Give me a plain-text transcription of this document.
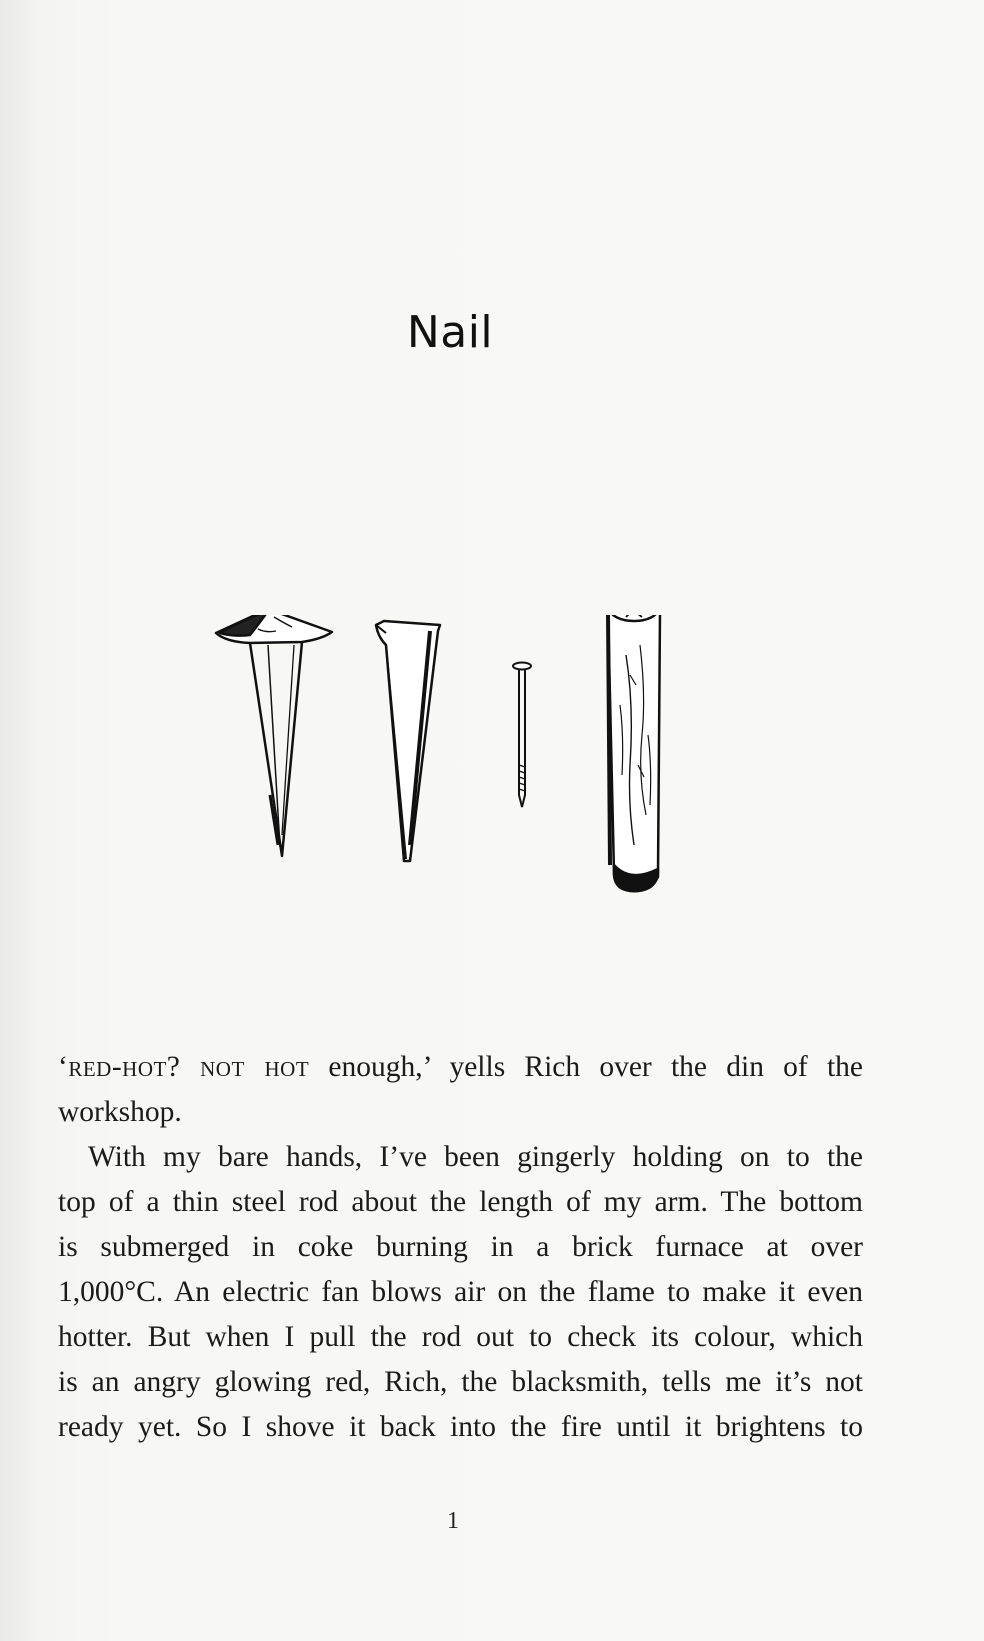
Nail

‘red-hot? not hot enough,’ yells Rich over the din of the
workshop.

With my bare hands, I’ve been gingerly holding on to the
top of a thin steel rod about the length of my arm. The bottom
is submerged in coke burning in a brick furnace at over
1,000°C. An electric fan blows air on the flame to make it even
hotter. But when I pull the rod out to check its colour, which
is an angry glowing red, Rich, the blacksmith, tells me it’s not
ready yet. So I shove it back into the fire until it brightens to

1
